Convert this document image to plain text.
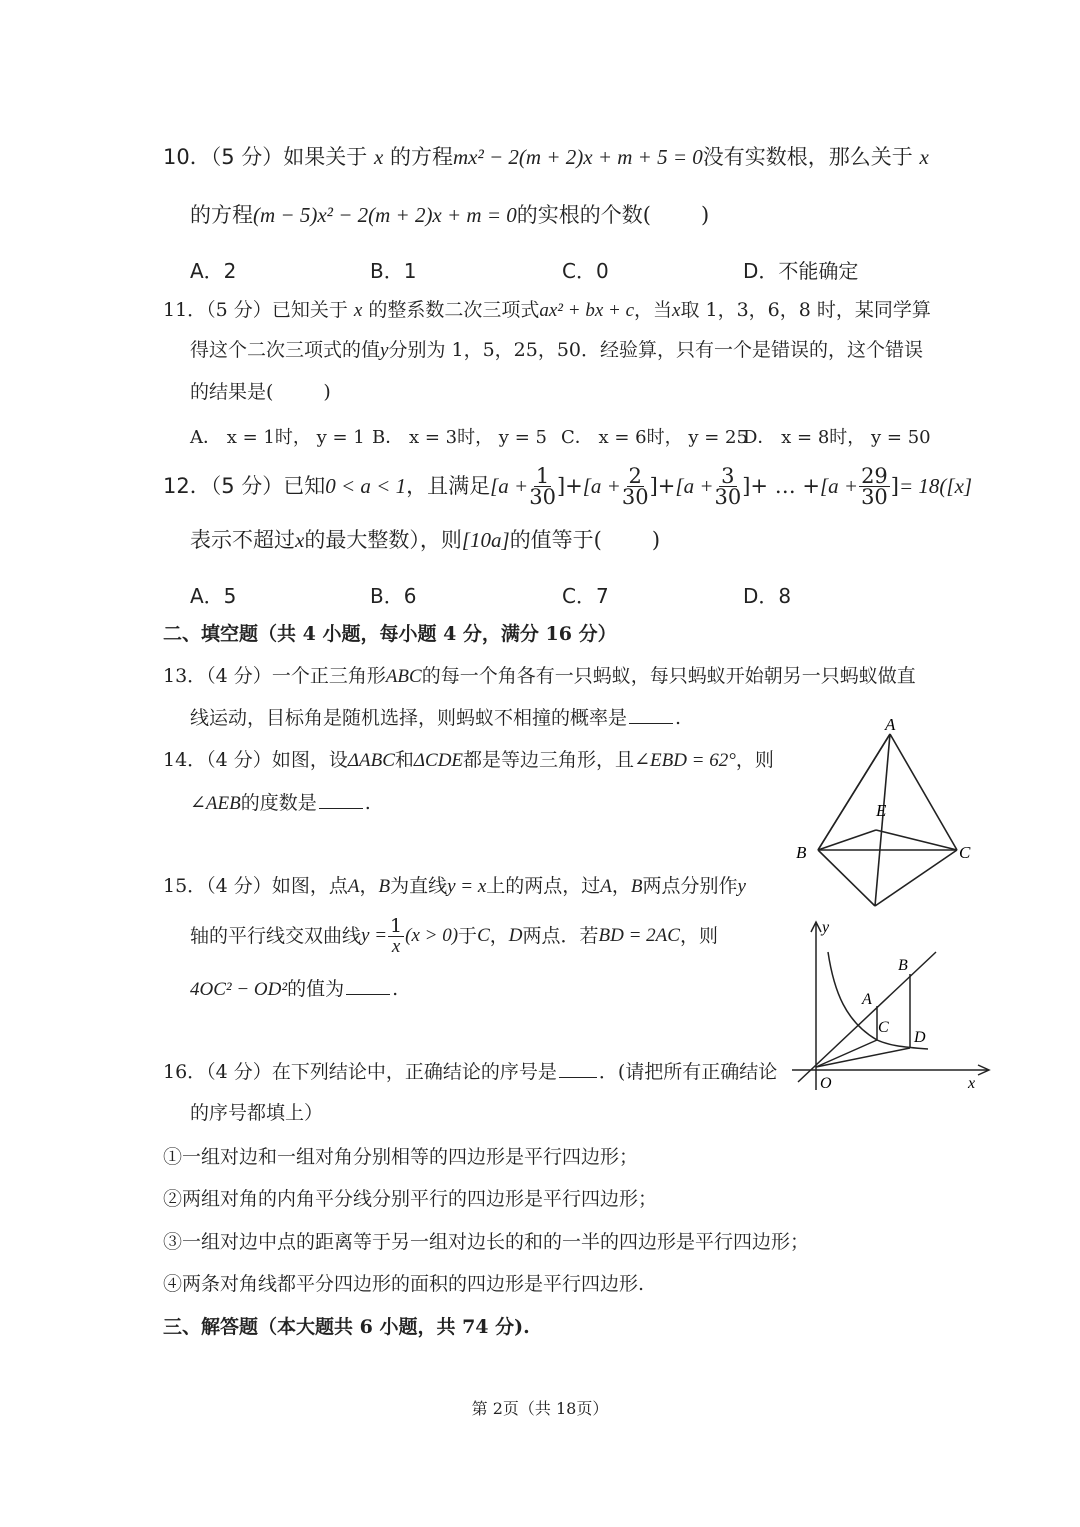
10．（5 分）如果关于 x 的方程mx² − 2(m + 2)x + m + 5 = 0没有实数根，那么关于 x
的方程(m − 5)x² − 2(m + 2)x + m = 0的实根的个数( )
A．2	B．1	C．0	D．不能确定
11．（5 分）已知关于 x 的整系数二次三项式ax² + bx + c，当x取 1，3，6，8 时，某同学算
得这个二次三项式的值y分别为 1，5，25，50．经验算，只有一个是错误的，这个错误
的结果是(	)
A． x = 1时， y = 1 B． x = 3时， y = 5 C． x = 6时， y = 25
D． x = 8时， y = 50
12．（5 分） 已知 0 < a < 1 ，且满足 [$a + \frac{1}{30}$ ] + [$a + \frac{2}{30}$ ] + [$a + \frac{3}{30}$ ] + … + [$a + \frac{29}{30}$ ] = 18([x]
表示不超过x的最大整数），则[10a]的值等于( )
A．5	B．6	C．7	D．8
二、填空题（共 4 小题，每小题 4 分，满分 16 分）
13．（4 分）一个正三角形ABC的每一个角各有一只蚂蚁，每只蚂蚁开始朝另一只蚂蚁做直
线运动，目标角是随机选择，则蚂蚁不相撞的概率是	.
14．（4 分）如图，设ΔABC和ΔCDE都是等边三角形，且∠EBD = 62°，则
∠AEB的度数是	.
A
B	C
E
15．（4 分）如图，点A，B为直线y = x上的两点，过A，B两点分别作y
轴的平行线交双曲线 $y = \frac{1}{x} (x > 0)$ 于 C ， D 两点．若 BD = 2AC ，则
4OC² − OD²的值为	.
y
x
O
A
B
C
D
16．（4 分）在下列结论中，正确结论的序号是 ．(请把所有正确结论
的序号都填上）
①一组对边和一组对角分别相等的四边形是平行四边形；
②两组对角的内角平分线分别平行的四边形是平行四边形；
③一组对边中点的距离等于另一组对边长的和的一半的四边形是平行四边形；
④两条对角线都平分四边形的面积的四边形是平行四边形.
三、解答题（本大题共 6 小题，共 74 分).
第 2页（共 18页）
